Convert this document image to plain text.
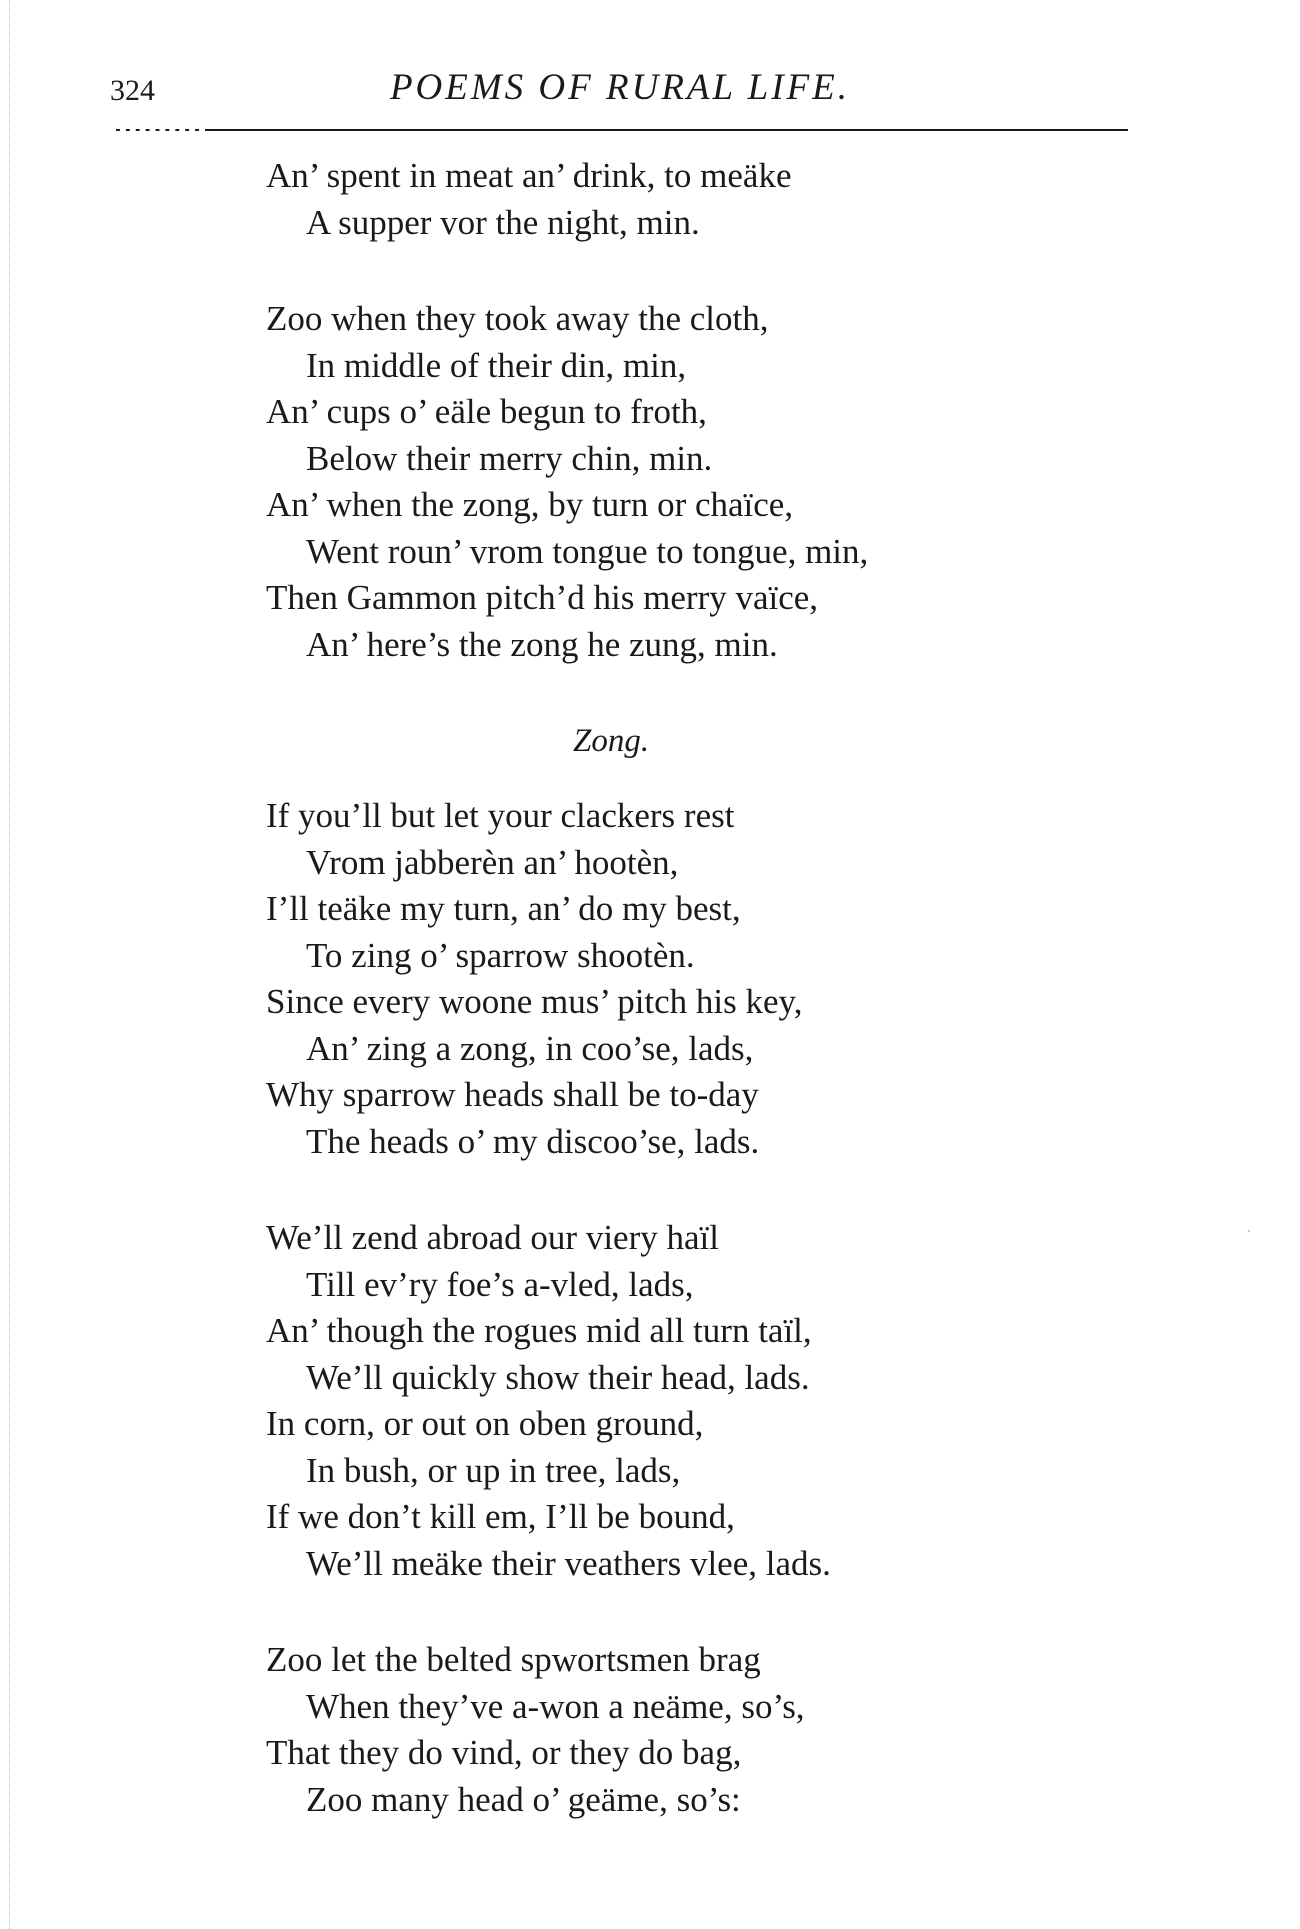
324	POEMS OF RURAL LIFE.
An’ spent in meat an’ drink, to meäke
A supper vor the night, min.
Zoo when they took away the cloth,
In middle of their din, min,
An’ cups o’ eäle begun to froth,
Below their merry chin, min.
An’ when the zong, by turn or chaïce,
Went roun’ vrom tongue to tongue, min,
Then Gammon pitch’d his merry vaïce,
An’ here’s the zong he zung, min.
Zong.
If you’ll but let your clackers rest
Vrom jabberèn an’ hootèn,
I’ll teäke my turn, an’ do my best,
To zing o’ sparrow shootèn.
Since every woone mus’ pitch his key,
An’ zing a zong, in coo’se, lads,
Why sparrow heads shall be to-day
The heads o’ my discoo’se, lads.
We’ll zend abroad our viery haïl
Till ev’ry foe’s a-vled, lads,
An’ though the rogues mid all turn taïl,
We’ll quickly show their head, lads.
In corn, or out on oben ground,
In bush, or up in tree, lads,
If we don’t kill em, I’ll be bound,
We’ll meäke their veathers vlee, lads.
Zoo let the belted spwortsmen brag
When they’ve a-won a neäme, so’s,
That they do vind, or they do bag,
Zoo many head o’ geäme, so’s:
